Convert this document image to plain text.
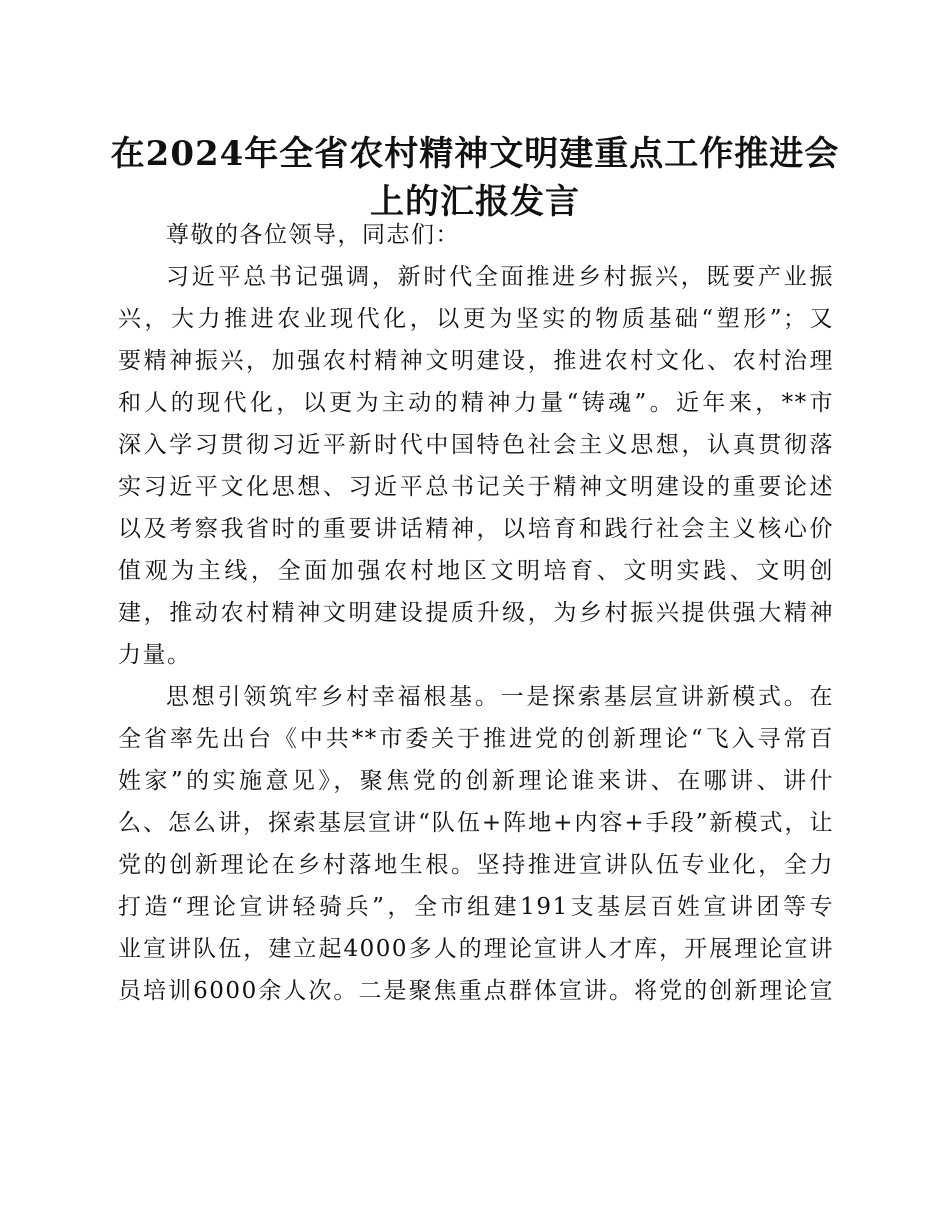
在2024年全省农村精神文明建重点工作推进会
上的汇报发言
尊敬的各位领导，同志们：
习近平总书记强调，新时代全面推进乡村振兴，既要产业振
兴，大力推进农业现代化，以更为坚实的物质基础“塑形”；又
要精神振兴，加强农村精神文明建设，推进农村文化、农村治理
和人的现代化，以更为主动的精神力量“铸魂”。近年来，**市
深入学习贯彻习近平新时代中国特色社会主义思想，认真贯彻落
实习近平文化思想、习近平总书记关于精神文明建设的重要论述
以及考察我省时的重要讲话精神，以培育和践行社会主义核心价
值观为主线，全面加强农村地区文明培育、文明实践、文明创
建，推动农村精神文明建设提质升级，为乡村振兴提供强大精神
力量。
思想引领筑牢乡村幸福根基。一是探索基层宣讲新模式。在
全省率先出台《中共**市委关于推进党的创新理论“飞入寻常百
姓家”的实施意见》，聚焦党的创新理论谁来讲、在哪讲、讲什
么、怎么讲，探索基层宣讲“队伍+阵地+内容+手段”新模式，让
党的创新理论在乡村落地生根。坚持推进宣讲队伍专业化，全力
打造“理论宣讲轻骑兵”，全市组建191支基层百姓宣讲团等专
业宣讲队伍，建立起4000多人的理论宣讲人才库，开展理论宣讲
员培训6000余人次。二是聚焦重点群体宣讲。将党的创新理论宣
